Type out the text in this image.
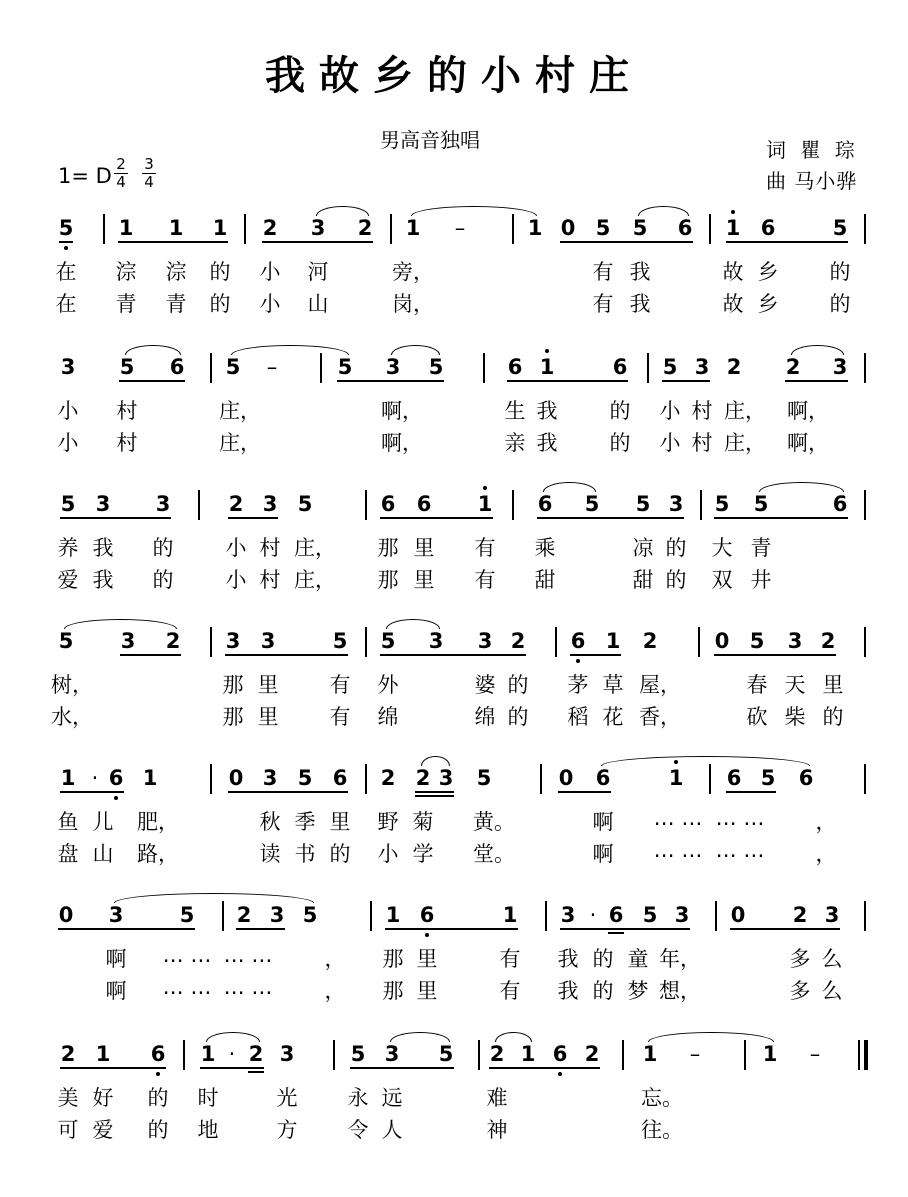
我故乡的小村庄
男高音独唱	词 瞿 琮
曲 马小骅
1= D 2
4
3
4
5 1 1 1 2 3 2 1 –	1 0 5 5 6 1 6	5
在 淙 淙 的 小 河	旁，	有 我	故 乡 的
在 青 青 的 小 山	岗，	有 我	故 乡 的
3 5 6 5 –	5 3 5	6 1	6 5 3 2 2 3
小 村	庄，	啊，	生 我 的 小 村 庄， 啊，
小 村	庄，	啊，	亲 我 的 小 村 庄， 啊，
5 3 3	2 3 5	6 6 1 6 5 5 3 5 5	6
养 我 的 小 村 庄， 那 里 有 乘	凉 的 大 青
爱 我 的 小 村 庄， 那 里 有 甜	甜 的 双 井
5 3 2 3 3	5 5 3 3 2 6 1 2	0 5 3 2
树，	那 里 有 外	婆 的 茅 草 屋，	春 天 里
水，	那 里 有 绵	绵 的 稻 花 香，	砍 柴 的
1 · 6 1	0 3 5 6 2 2 3 5	0 6	1 6 5 6
鱼 儿 肥，	秋 季 里 野 菊 黄。	啊 … … … … ，
盘 山 路，	读 书 的 小 学 堂。	啊 … … … … ，
0 3	5 2 3 5	1 6	1 3 · 6 5 3 0 2 3
啊 … … … … ， 那 里	有 我 的 童 年，	多 么
啊 … … … … ， 那 里	有 我 的 梦 想，	多 么
2 1 6 1 · 2 3	5 3 5 2 1 6 2 1 –	1 –
美 好 的 时	光 永 远	难	忘。
可 爱 的 地	方 令 人	神	往。
